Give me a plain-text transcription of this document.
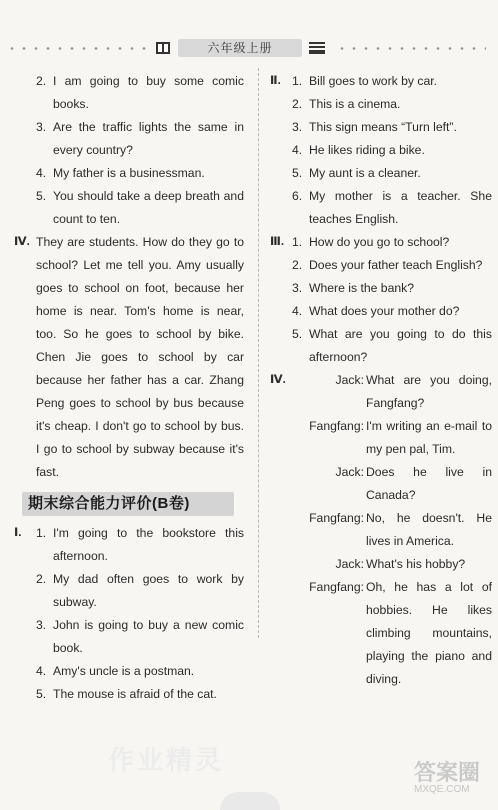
六年级上册
2. I am going to buy some comic books.
3. Are the traffic lights the same in every country?
4. My father is a businessman.
5. You should take a deep breath and count to ten.
Ⅳ. They are students. How do they go to school? Let me tell you. Amy usually goes to school on foot, because her home is near. Tom's home is near, too. So he goes to school by bike. Chen Jie goes to school by car because her father has a car. Zhang Peng goes to school by bus because it's cheap. I don't go to school by bus. I go to school by subway because it's fast.
期末综合能力评价(B卷)
Ⅰ. 1. I'm going to the bookstore this afternoon.
2. My dad often goes to work by subway.
3. John is going to buy a new comic book.
4. Amy's uncle is a postman.
5. The mouse is afraid of the cat.
Ⅱ. 1. Bill goes to work by car.
2. This is a cinema.
3. This sign means “Turn left”.
4. He likes riding a bike.
5. My aunt is a cleaner.
6. My mother is a teacher. She teaches English.
Ⅲ. 1. How do you go to school?
2. Does your father teach English?
3. Where is the bank?
4. What does your mother do?
5. What are you going to do this afternoon?
Ⅳ.	Jack: What are you doing, Fangfang?
Fangfang: I'm writing an e-mail to my pen pal, Tim.
Jack: Does he live in Canada?
Fangfang: No, he doesn't. He lives in America.
Jack: What's his hobby?
Fangfang: Oh, he has a lot of hobbies. He likes climbing mountains, playing the piano and diving.
作业精灵	答案圈
MXQE.COM
